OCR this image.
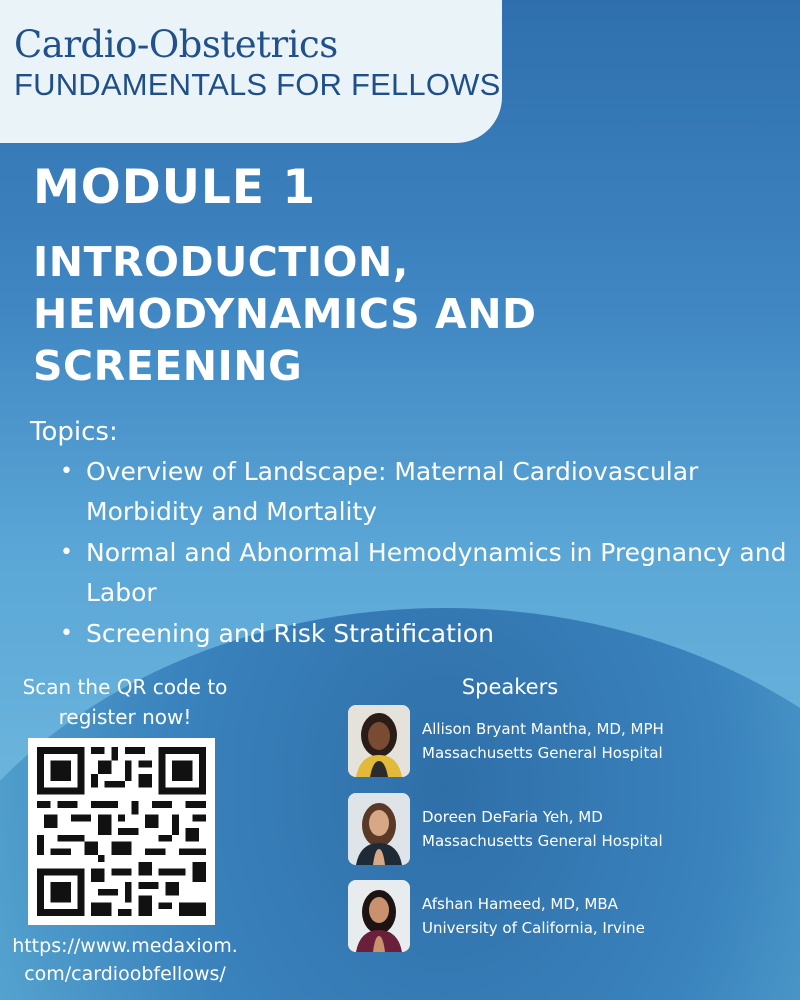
Cardio-Obstetrics
FUNDAMENTALS FOR FELLOWS
MODULE 1
INTRODUCTION,
HEMODYNAMICS AND
SCREENING
Topics:
• Overview of Landscape: Maternal Cardiovascular Morbidity and Mortality
• Normal and Abnormal Hemodynamics in Pregnancy and Labor
• Screening and Risk Stratification
Scan the QR code to
register now!
https://www.medaxiom.
com/cardioobfellows/
Speakers
Allison Bryant Mantha, MD, MPH
Massachusetts General Hospital
Doreen DeFaria Yeh, MD
Massachusetts General Hospital
Afshan Hameed, MD, MBA
University of California, Irvine
